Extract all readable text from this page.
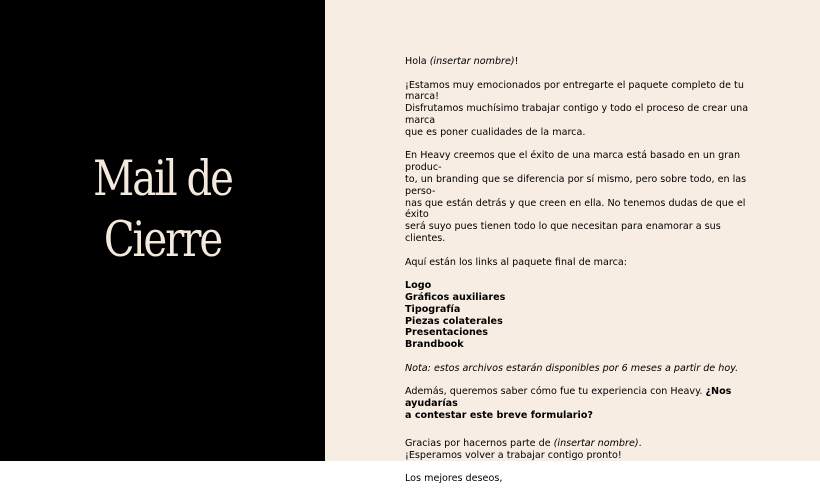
Mail de
Cierre

Hola (insertar nombre)!

¡Estamos muy emocionados por entregarte el paquete completo de tu marca!
Disfrutamos muchísimo trabajar contigo y todo el proceso de crear una marca
que es poner cualidades de la marca.

En Heavy creemos que el éxito de una marca está basado en un gran produc-
to, un branding que se diferencia por sí mismo, pero sobre todo, en las perso-
nas que están detrás y que creen en ella. No tenemos dudas de que el éxito
será suyo pues tienen todo lo que necesitan para enamorar a sus clientes.

Aquí están los links al paquete final de marca:

Logo
Gráficos auxiliares
Tipografía
Piezas colaterales
Presentaciones
Brandbook

Nota: estos archivos estarán disponibles por 6 meses a partir de hoy.

Además, queremos saber cómo fue tu experiencia con Heavy. ¿Nos ayudarías
a contestar este breve formulario?

Gracias por hacernos parte de (insertar nombre).
¡Esperamos volver a trabajar contigo pronto!

Los mejores deseos,
